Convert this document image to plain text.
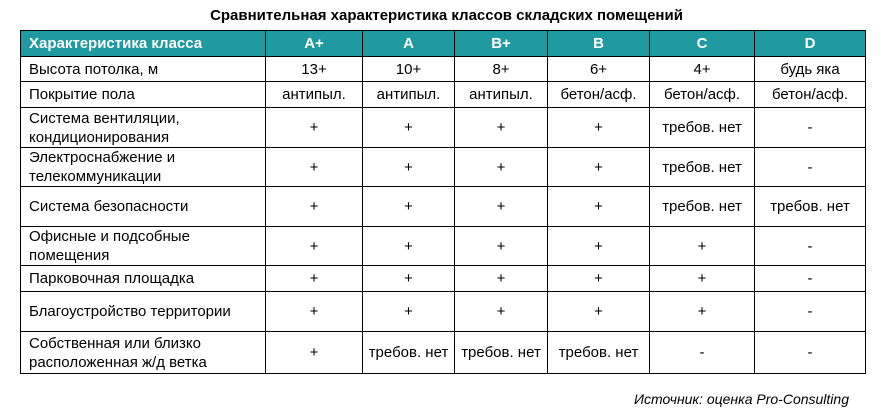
Сравнительная характеристика классов складских помещений
Характеристика класса	A+	A	B+	B	C	D
Высота потолка, м	13+	10+	8+	6+	4+	будь яка
Покрытие пола	антипыл.	антипыл.	антипыл.	бетон/асф.	бетон/асф.	бетон/асф.
Система вентиляции, кондиционирования	+	+	+	+	требов. нет	-
Электроснабжение и телекоммуникации	+	+	+	+	требов. нет	-
Система безопасности	+	+	+	+	требов. нет	требов. нет
Офисные и подсобные помещения	+	+	+	+	+	-
Парковочная площадка	+	+	+	+	+	-
Благоустройство территории	+	+	+	+	+	-
Собственная или близко расположенная ж/д ветка	+	требов. нет	требов. нет	требов. нет	-	-
Источник: оценка Pro-Consulting
